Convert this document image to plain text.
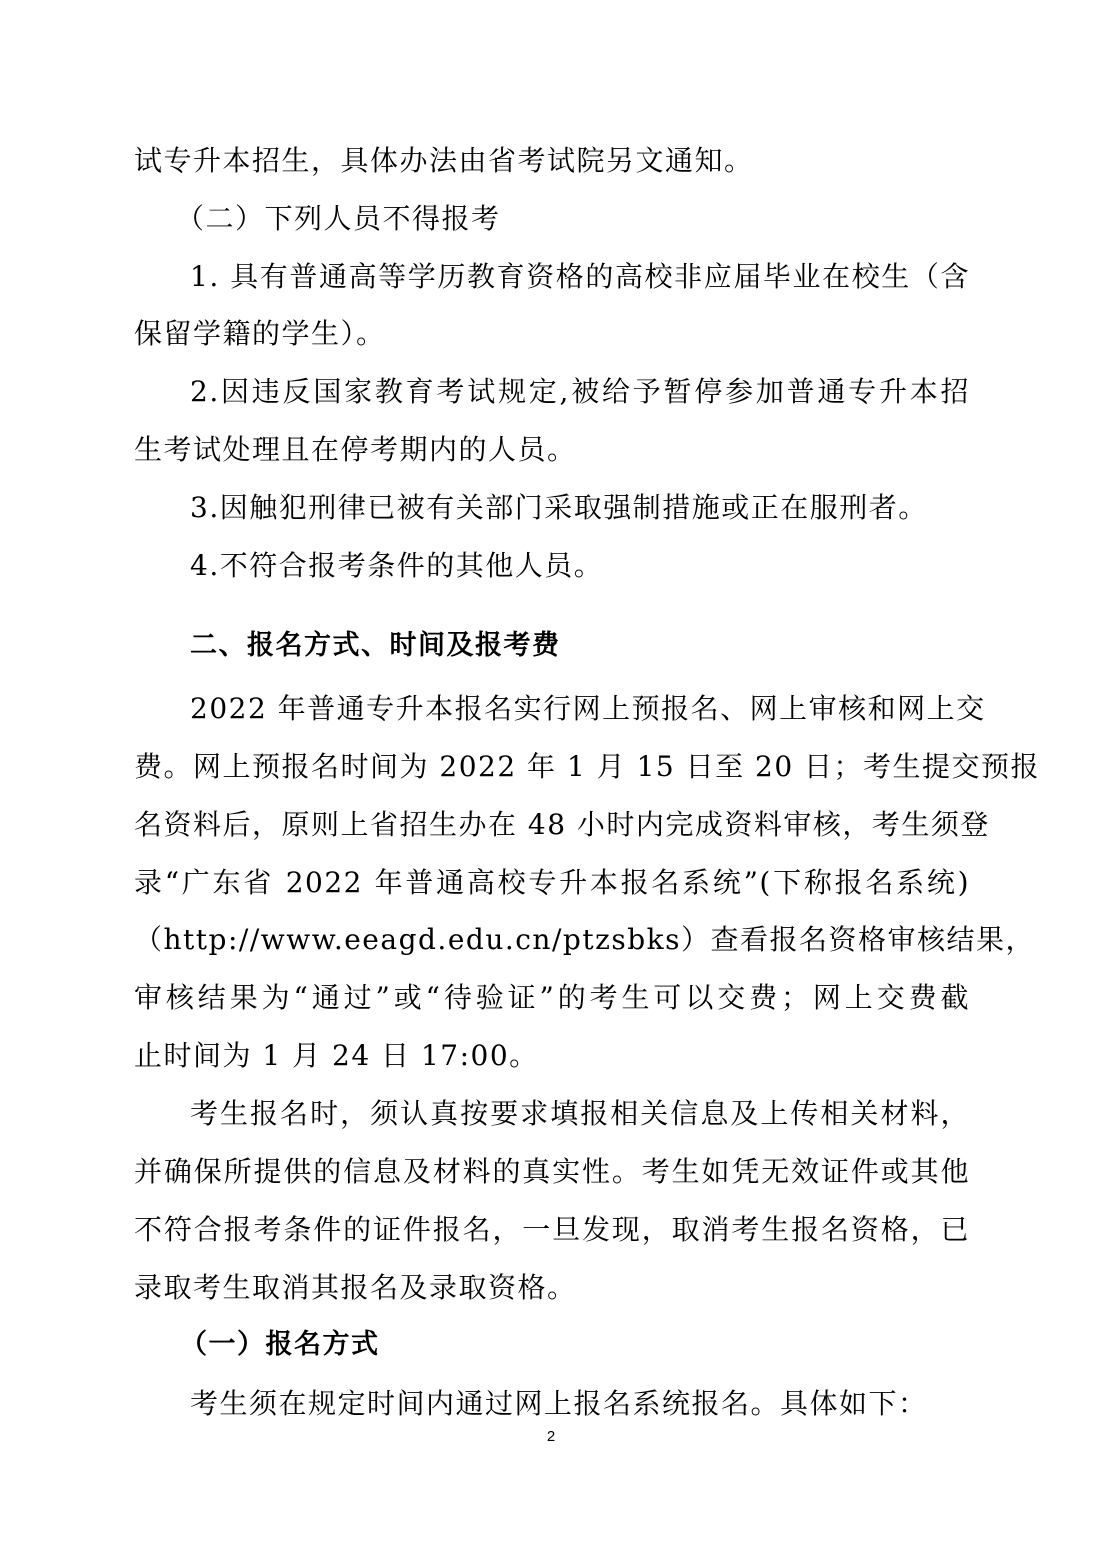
试专升本招生，具体办法由省考试院另文通知。
（二）下列人员不得报考
1. 具有普通高等学历教育资格的高校非应届毕业在校生（含
保留学籍的学生）。
2.因违反国家教育考试规定,被给予暂停参加普通专升本招
生考试处理且在停考期内的人员。
3.因触犯刑律已被有关部门采取强制措施或正在服刑者。
4.不符合报考条件的其他人员。
二、报名方式、时间及报考费
2022 年普通专升本报名实行网上预报名、网上审核和网上交
费。网上预报名时间为 2022 年 1 月 15 日至 20 日；考生提交预报
名资料后，原则上省招生办在 48 小时内完成资料审核，考生须登
录“广东省 2022 年普通高校专升本报名系统”(下称报名系统)
（http://www.eeagd.edu.cn/ptzsbks）查看报名资格审核结果，
审核结果为“通过”或“待验证”的考生可以交费；网上交费截
止时间为 1 月 24 日 17:00。
考生报名时，须认真按要求填报相关信息及上传相关材料，
并确保所提供的信息及材料的真实性。考生如凭无效证件或其他
不符合报考条件的证件报名，一旦发现，取消考生报名资格，已
录取考生取消其报名及录取资格。
（一）报名方式
考生须在规定时间内通过网上报名系统报名。具体如下：
2
